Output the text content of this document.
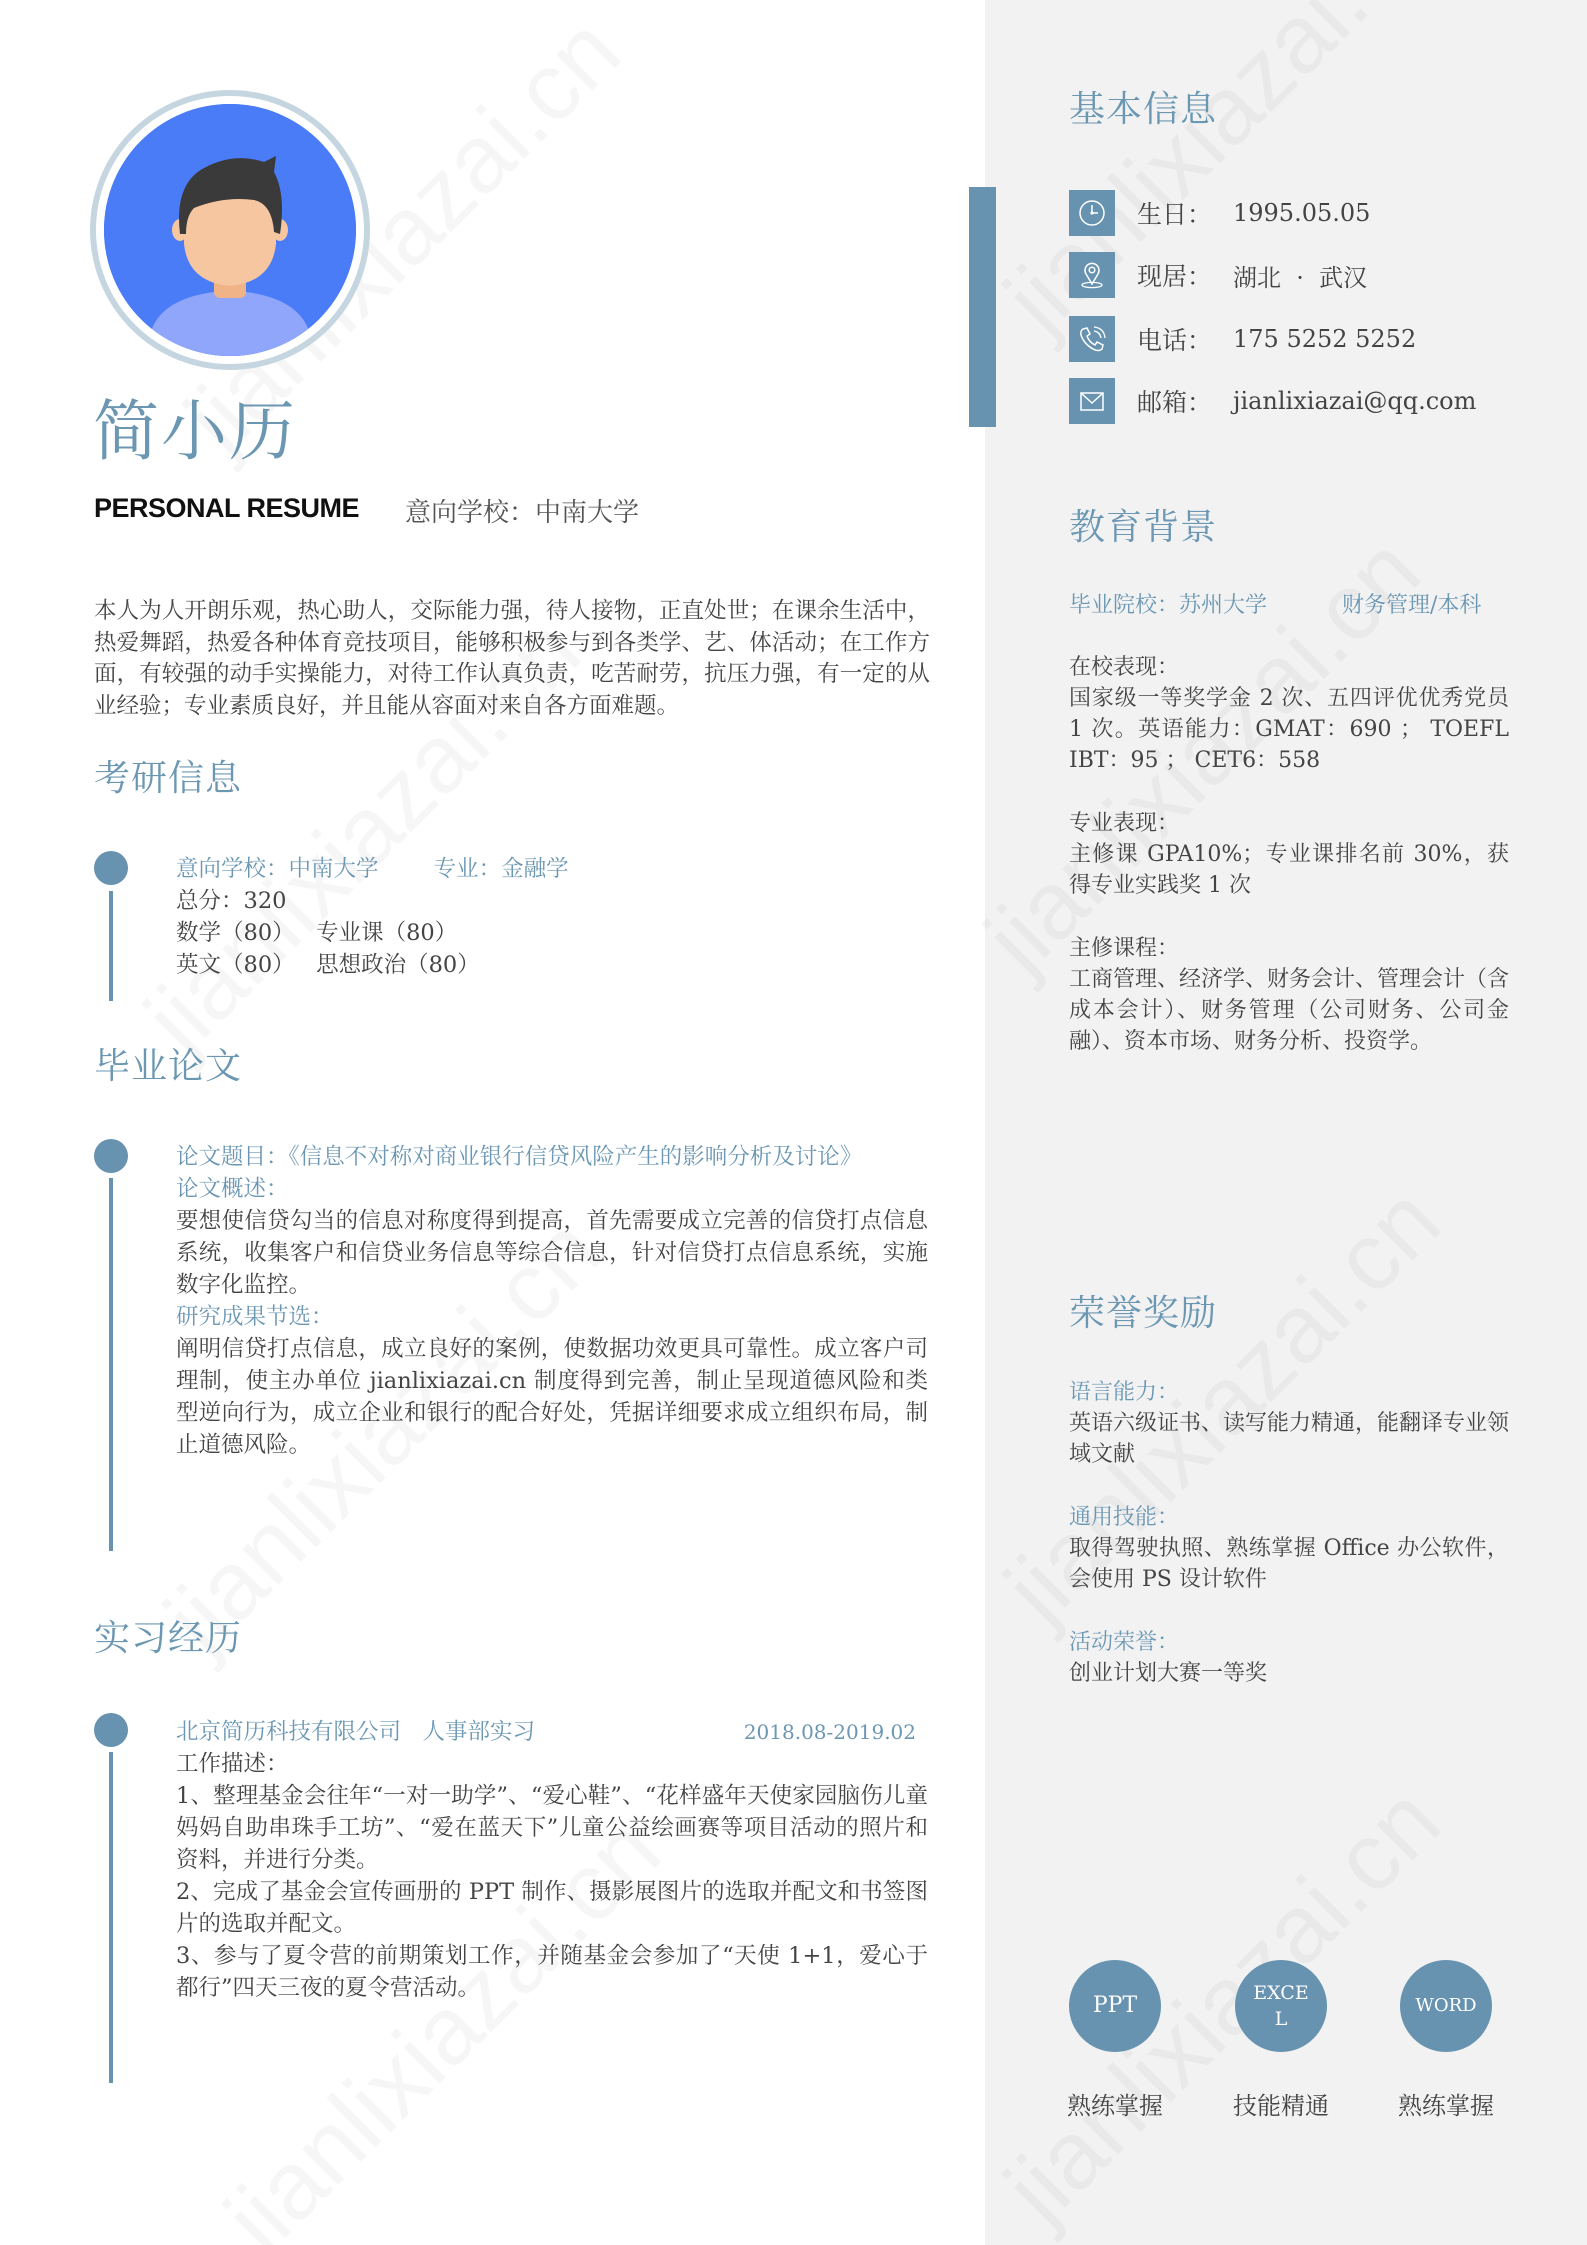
简小历
PERSONAL RESUME 意向学校：中南大学

本人为人开朗乐观，热心助人，交际能力强，待人接物，正直处世；在课余生活中，热爱舞蹈，热爱各种体育竞技项目，能够积极参与到各类学、艺、体活动；在工作方面，有较强的动手实操能力，对待工作认真负责，吃苦耐劳，抗压力强，有一定的从业经验；专业素质良好，并且能从容面对来自各方面难题。

考研信息
意向学校：中南大学 专业：金融学
总分：320
数学（80）   专业课（80）
英文（80）   思想政治（80）
毕业论文
论文题目：《信息不对称对商业银行信贷风险产生的影响分析及讨论》
论文概述：

要想使信贷勾当的信息对称度得到提高，首先需要成立完善的信贷打点信息系统，收集客户和信贷业务信息等综合信息，针对信贷打点信息系统，实施数字化监控。

研究成果节选：

阐明信贷打点信息，成立良好的案例，使数据功效更具可靠性。成立客户司理制，使主办单位 jianlixiazai.cn 制度得到完善，制止呈现道德风险和类型逆向行为，成立企业和银行的配合好处，凭据详细要求成立组织布局，制止道德风险。

实习经历
北京简历科技有限公司   人事部实习	2018.08-2019.02
工作描述：

1、整理基金会往年“一对一助学”、“爱心鞋”、“花样盛年天使家园脑伤儿童妈妈自助串珠手工坊”、“爱在蓝天下”儿童公益绘画赛等项目活动的照片和资料，并进行分类。

2、完成了基金会宣传画册的 PPT 制作、摄影展图片的选取并配文和书签图片的选取并配文。

3、参与了夏令营的前期策划工作，并随基金会参加了“天使 1+1，爱心于都行”四天三夜的夏令营活动。

基本信息
生日： 1995.05.05
现居： 湖北  ·  武汉
电话： 175 5252 5252
邮箱： jianlixiazai@qq.com
教育背景
毕业院校：苏州大学	财务管理/本科
在校表现：

国家级一等奖学金 2 次、五四评优优秀党员 1 次。英语能力：GMAT：690 ； TOEFL IBT：95 ； CET6：558

专业表现：

主修课 GPA10%；专业课排名前 30%，获得专业实践奖 1 次

主修课程：

工商管理、经济学、财务会计、管理会计（含成本会计）、财务管理（公司财务、公司金融）、资本市场、财务分析、投资学。

荣誉奖励
语言能力：

英语六级证书、读写能力精通，能翻译专业领域文献

通用技能：

取得驾驶执照、熟练掌握 Office 办公软件，会使用 PS 设计软件

活动荣誉：

创业计划大赛一等奖

PPT
熟练掌握
EXCEL
技能精通
WORD
熟练掌握
